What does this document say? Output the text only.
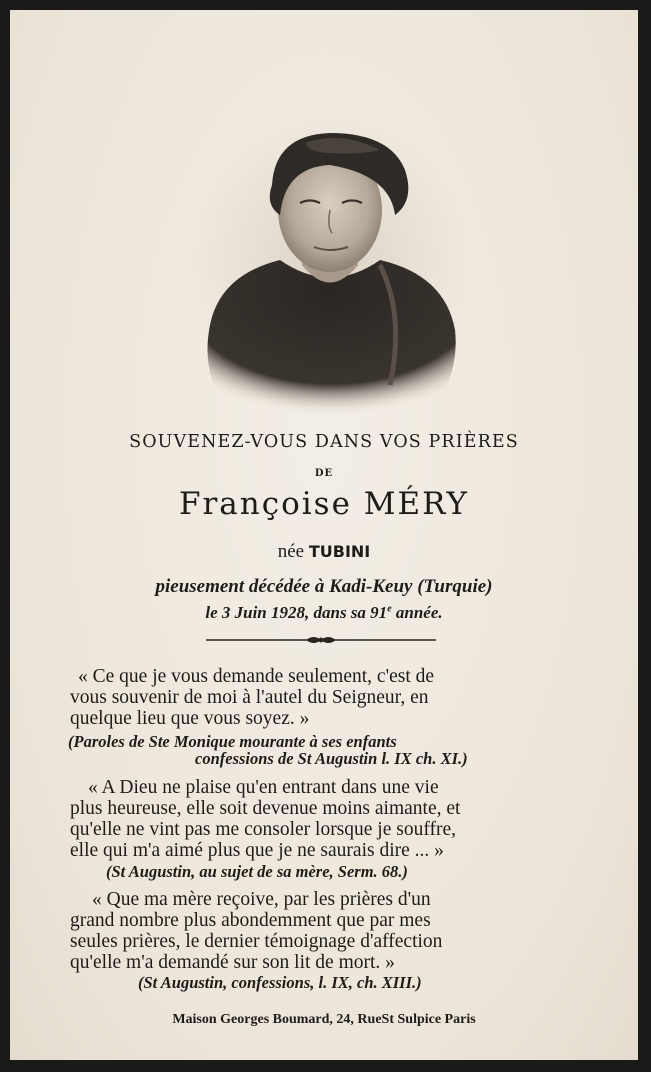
SOUVENEZ-VOUS DANS VOS PRIÈRES
DE
Françoise MÉRY
née TUBINI
pieusement décédée à Kadi-Keuy (Turquie)
le 3 Juin 1928, dans sa 91e année.
« Ce que je vous demande seulement, c'est de
vous souvenir de moi à l'autel du Seigneur, en
quelque lieu que vous soyez. »
(Paroles de Ste Monique mourante à ses enfants
confessions de St Augustin l. IX ch. XI.)
« A Dieu ne plaise qu'en entrant dans une vie
plus heureuse, elle soit devenue moins aimante, et
qu'elle ne vint pas me consoler lorsque je souffre,
elle qui m'a aimé plus que je ne saurais dire ... »
(St Augustin, au sujet de sa mère, Serm. 68.)
« Que ma mère reçoive, par les prières d'un
grand nombre plus abondemment que par mes
seules prières, le dernier témoignage d'affection
qu'elle m'a demandé sur son lit de mort. »
(St Augustin, confessions, l. IX, ch. XIII.)
Maison Georges Boumard, 24, RueSt Sulpice Paris
